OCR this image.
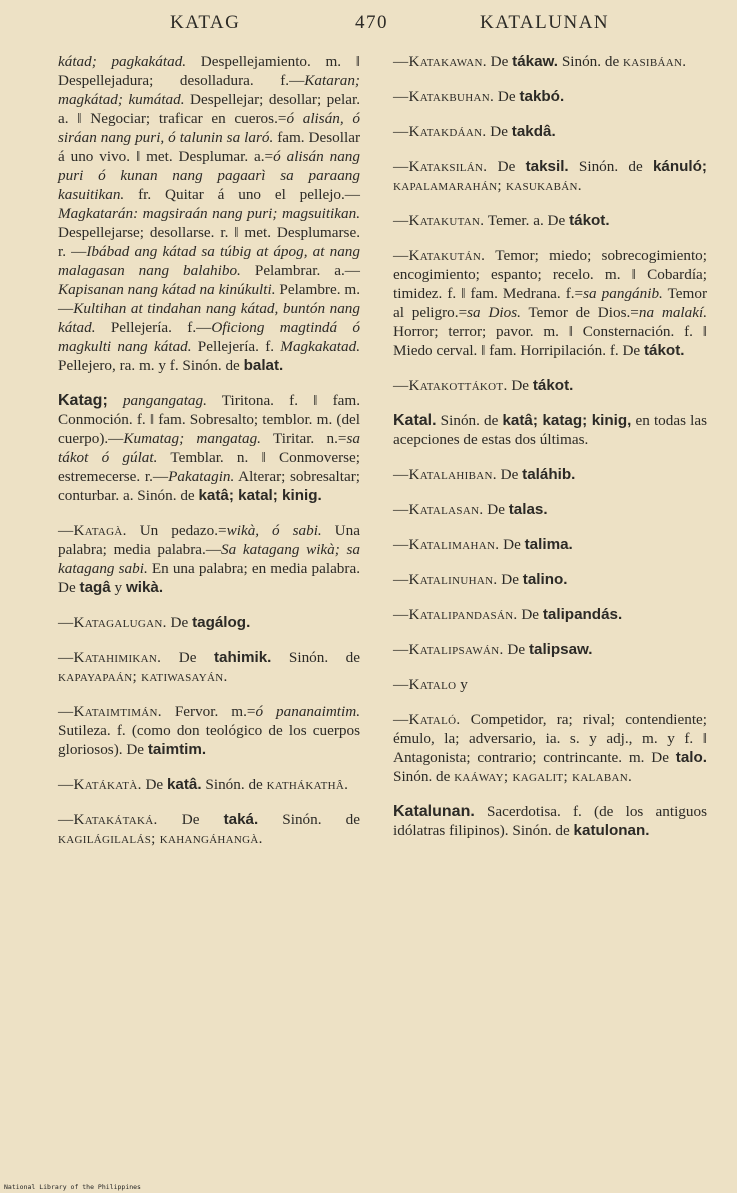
KATAG	470	KATALUNAN

kátad; pagkakátad. Despellejamiento. m. ‖ Despellejadura; desolladura. f.—Kataran; magkátad; kumátad. Despellejar; desollar; pelar. a. ‖ Negociar; traficar en cueros.=ó alisán, ó siráan nang puri, ó talunin sa laró. fam. Desollar á uno vivo. ‖ met. Desplumar. a.=ó alisán nang puri ó kunan nang pagaarì sa paraang kasuitikan. fr. Quitar á uno el pellejo.—Magkatarán: magsiraán nang puri; magsuitikan. Despellejarse; desollarse. r. ‖ met. Desplumarse. r. —Ibábad ang kátad sa túbig at ápog, at nang malagasan nang balahibo. Pelambrar. a.—Kapisanan nang kátad na kinúkulti. Pelambre. m.—Kultihan at tindahan nang kátad, buntón nang kátad. Pellejería. f.—Oficiong magtindá ó magkulti nang kátad. Pellejería. f. Magkakatad. Pellejero, ra. m. y f. Sinón. de balat.

Katag; pangangatag. Tiritona. f. ‖ fam. Conmoción. f. ‖ fam. Sobresalto; temblor. m. (del cuerpo).—Kumatag; mangatag. Tiritar. n.=sa tákot ó gúlat. Temblar. n. ‖ Conmoverse; estremecerse. r.—Pakatagin. Alterar; sobresaltar; conturbar. a. Sinón. de katâ; katal; kinig.

—Katagà. Un pedazo.=wikà, ó sabi. Una palabra; media palabra.—Sa katagang wikà; sa katagang sabi. En una palabra; en media palabra. De tagâ y wikà.

—Katagalugan. De tagálog.

—Katahimikan. De tahimik. Sinón. de kapayapaán; katiwasayán.

—Kataimtimán. Fervor. m.=ó pananaimtim. Sutileza. f. (como don teológico de los cuerpos gloriosos). De taimtim.

—Katákatà. De katâ. Sinón. de kathákathâ.

—Katakátaká. De taká. Sinón. de kagilágilalás; kahangáhangà.

—Katakawan. De tákaw. Sinón. de kasibáan.

—Katakbuhan. De takbó.

—Katakdáan. De takdâ.

—Kataksilán. De taksil. Sinón. de kánuló; kapalamarahán; kasukabán.

—Katakutan. Temer. a. De tákot.

—Katakután. Temor; miedo; sobrecogimiento; encogimiento; espanto; recelo. m. ‖ Cobardía; timidez. f. ‖ fam. Medrana. f.=sa pangánib. Temor al peligro.=sa Dios. Temor de Dios.=na malakí. Horror; terror; pavor. m. ‖ Consternación. f. ‖ Miedo cerval. ‖ fam. Horripilación. f. De tákot.

—Katakottákot. De tákot.

Katal. Sinón. de katâ; katag; kinig, en todas las acepciones de estas dos últimas.

—Katalahiban. De taláhib.

—Katalasan. De talas.

—Katalimahan. De talima.

—Katalinuhan. De talino.

—Katalipandasán. De talipandás.

—Katalipsawán. De talipsaw.

—Katalo y

—Kataló. Competidor, ra; rival; contendiente; émulo, la; adversario, ia. s. y adj., m. y f. ‖ Antagonista; contrario; contrincante. m. De talo. Sinón. de kaáway; kagalit; kalaban.

Katalunan. Sacerdotisa. f. (de los antiguos idólatras filipinos). Sinón. de katulonan.

National Library of the Philippines
